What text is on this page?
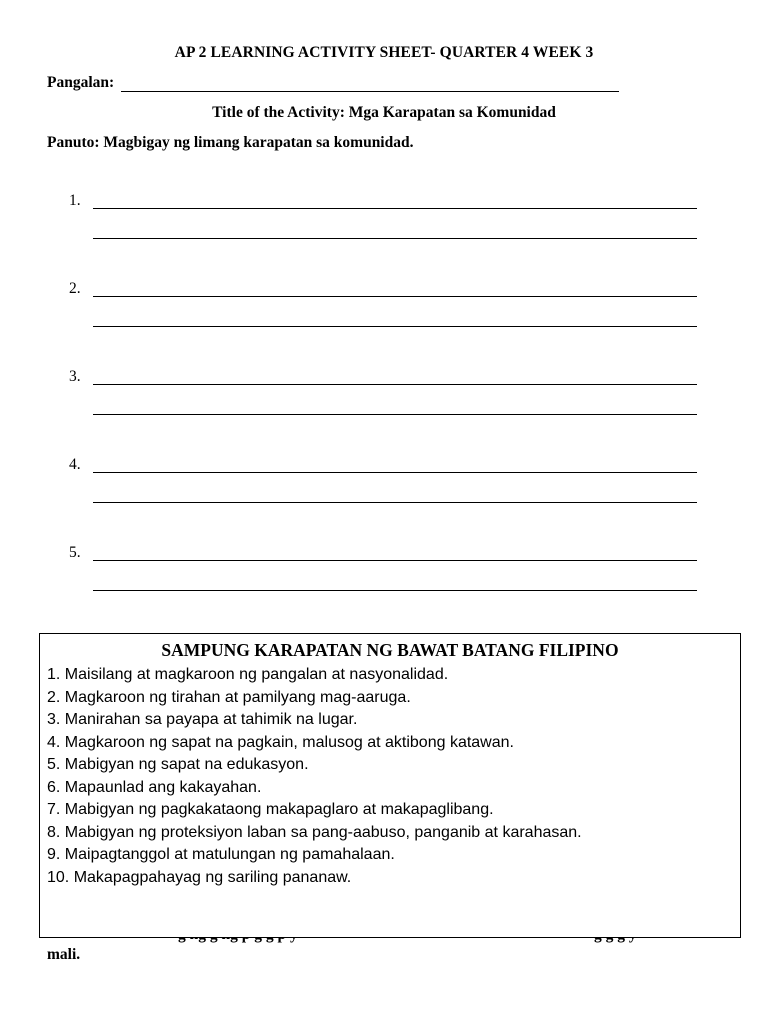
AP 2 LEARNING ACTIVITY SHEET- QUARTER 4 WEEK 3
Pangalan:
Title of the Activity: Mga Karapatan sa Komunidad
Panuto: Magbigay ng limang karapatan sa komunidad.
1.
2.
3.
4.
5.
SAMPUNG KARAPATAN NG BAWAT BATANG FILIPINO
1. Maisilang at magkaroon ng pangalan at nasyonalidad.
2. Magkaroon ng tirahan at pamilyang mag-aaruga.
3. Manirahan sa payapa at tahimik na lugar.
4. Magkaroon ng sapat na pagkain, malusog at aktibong katawan.
5. Mabigyan ng sapat na edukasyon.
6. Mapaunlad ang kakayahan.
7. Mabigyan ng pagkakataong makapaglaro at makapaglibang.
8. Mabigyan ng proteksiyon laban sa pang-aabuso, panganib at karahasan.
9. Maipagtanggol at matulungan ng pamahalaan.
10. Makapagpahayag ng sariling pananaw.
mali.
